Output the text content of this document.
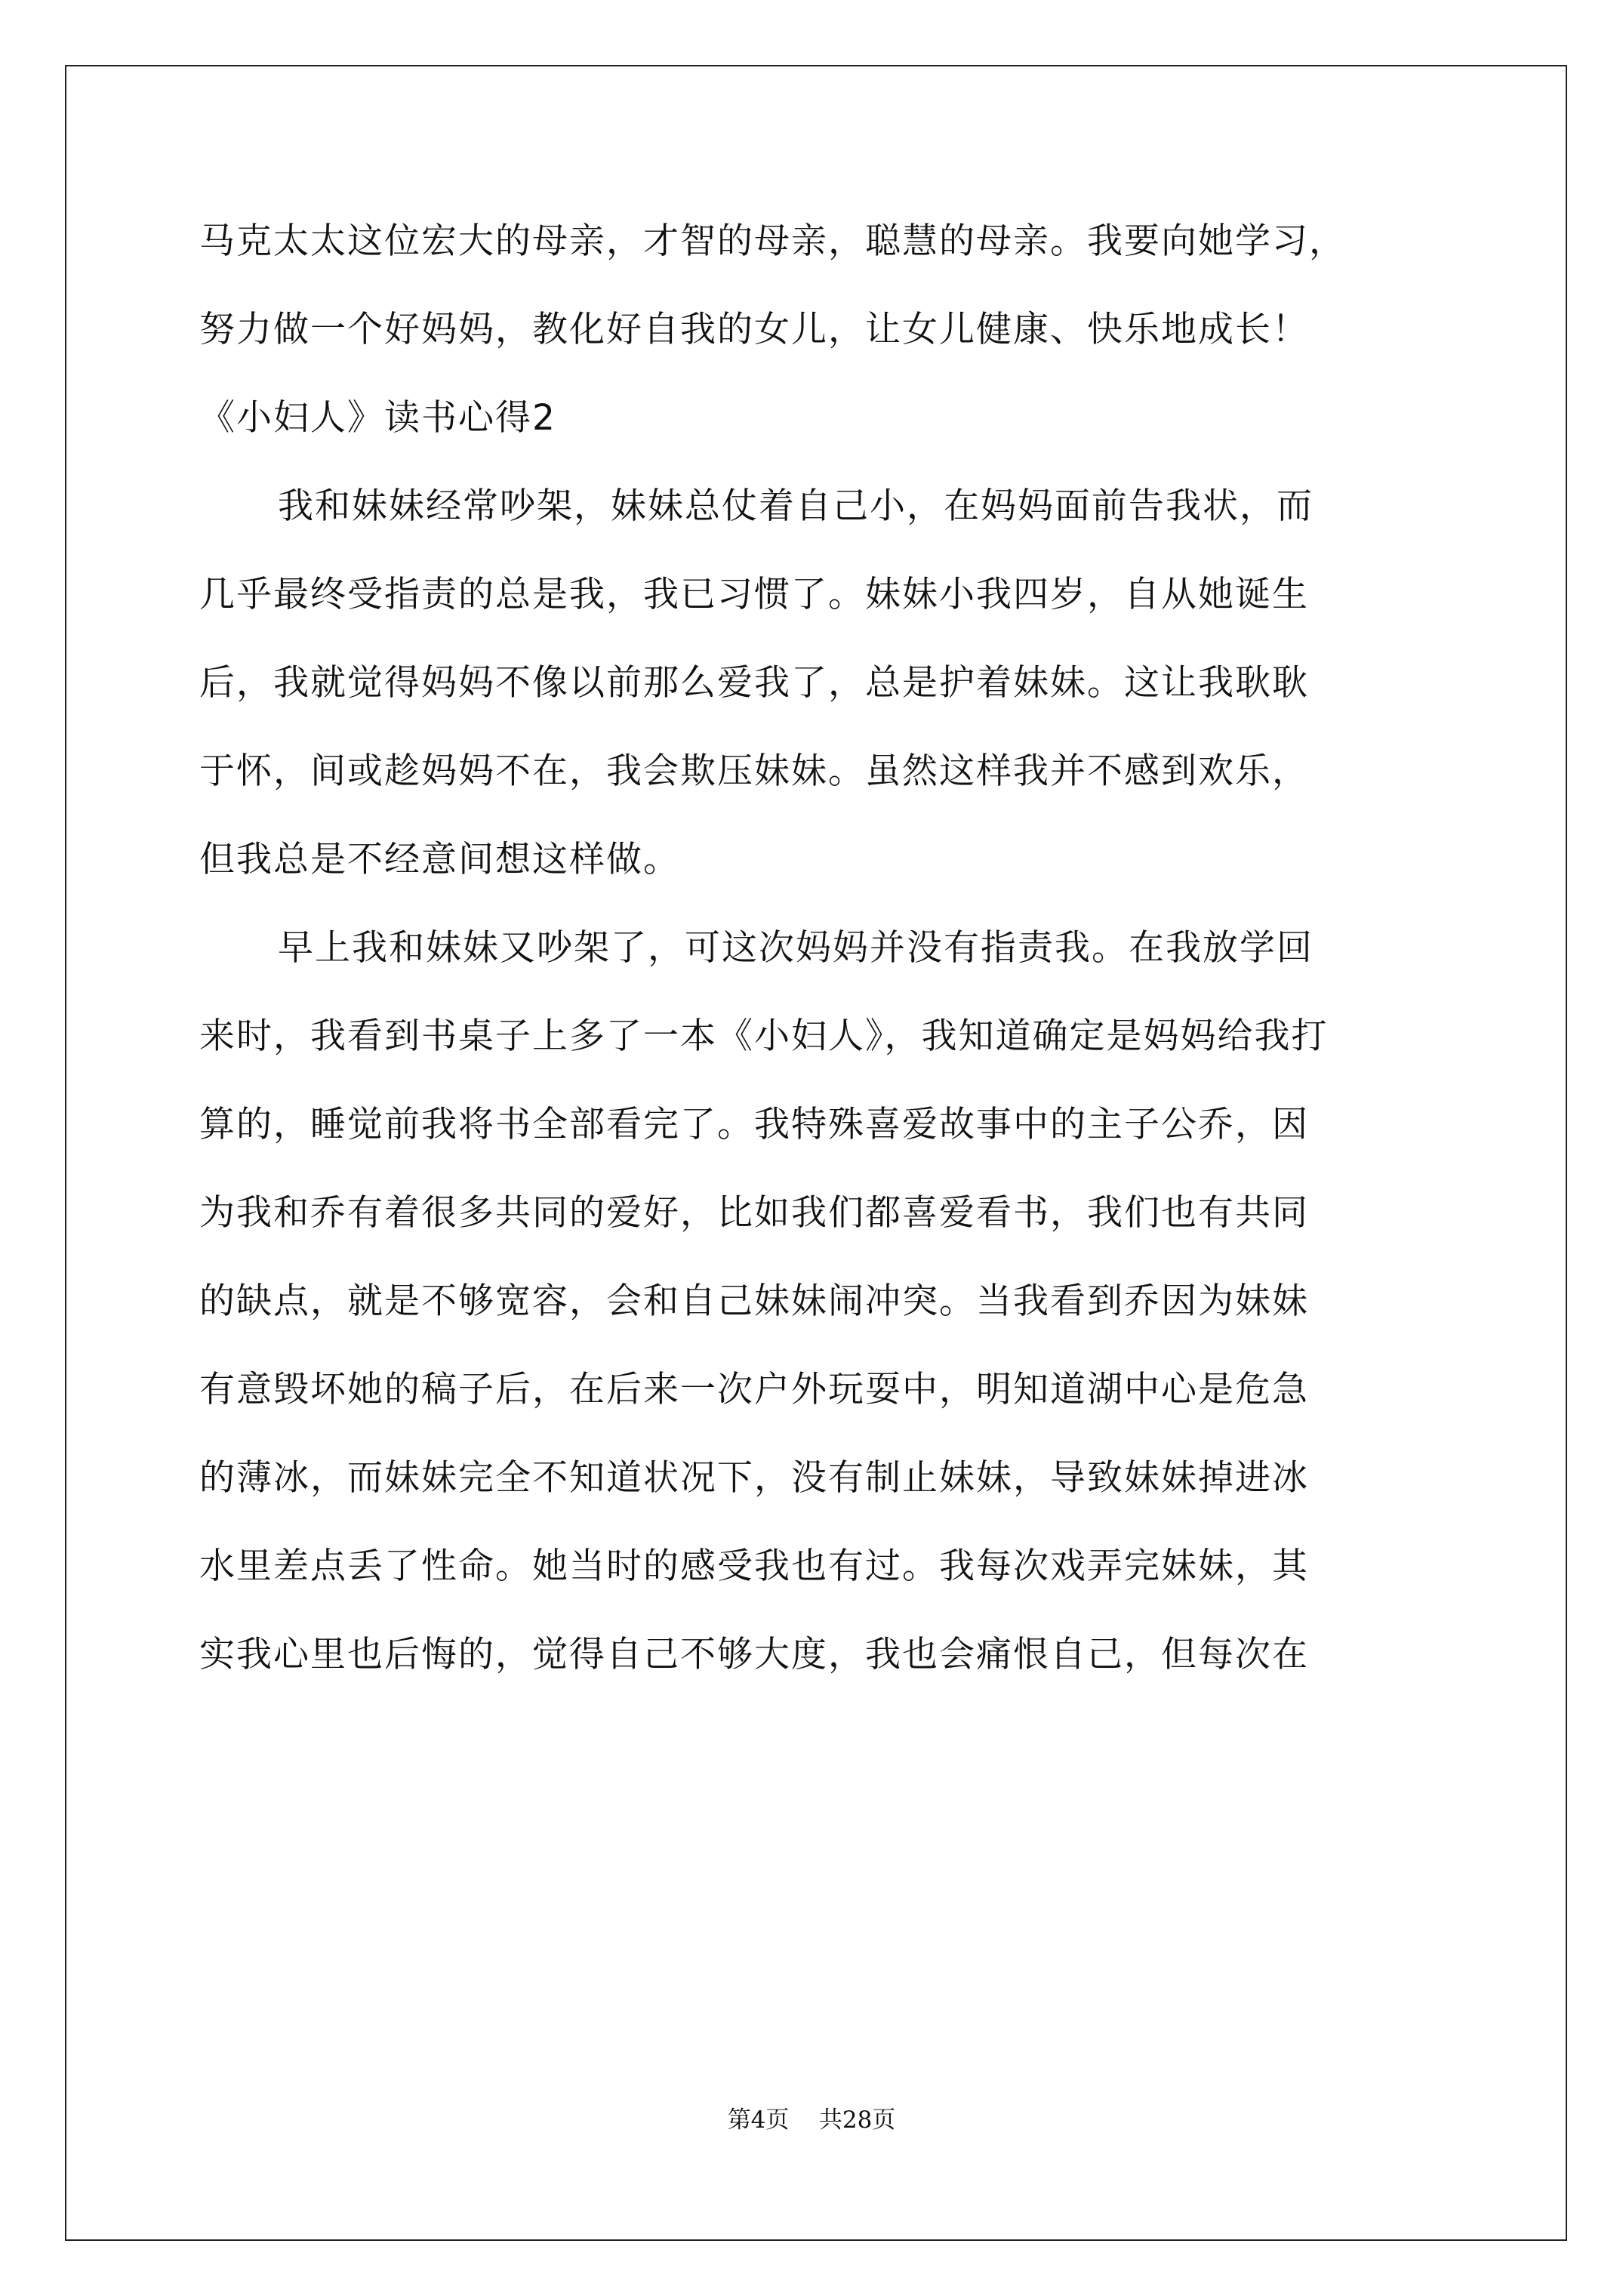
马克太太这位宏大的母亲，才智的母亲，聪慧的母亲。我要向她学习，
努力做一个好妈妈，教化好自我的女儿，让女儿健康、快乐地成长！
《小妇人》读书心得2
我和妹妹经常吵架，妹妹总仗着自己小，在妈妈面前告我状，而
几乎最终受指责的总是我，我已习惯了。妹妹小我四岁，自从她诞生
后，我就觉得妈妈不像以前那么爱我了，总是护着妹妹。这让我耿耿
于怀，间或趁妈妈不在，我会欺压妹妹。虽然这样我并不感到欢乐，
但我总是不经意间想这样做。
早上我和妹妹又吵架了，可这次妈妈并没有指责我。在我放学回
来时，我看到书桌子上多了一本《小妇人》，我知道确定是妈妈给我打
算的，睡觉前我将书全部看完了。我特殊喜爱故事中的主子公乔，因
为我和乔有着很多共同的爱好，比如我们都喜爱看书，我们也有共同
的缺点，就是不够宽容，会和自己妹妹闹冲突。当我看到乔因为妹妹
有意毁坏她的稿子后，在后来一次户外玩耍中，明知道湖中心是危急
的薄冰，而妹妹完全不知道状况下，没有制止妹妹，导致妹妹掉进冰
水里差点丢了性命。她当时的感受我也有过。我每次戏弄完妹妹，其
实我心里也后悔的，觉得自己不够大度，我也会痛恨自己，但每次在
第4页 共28页
